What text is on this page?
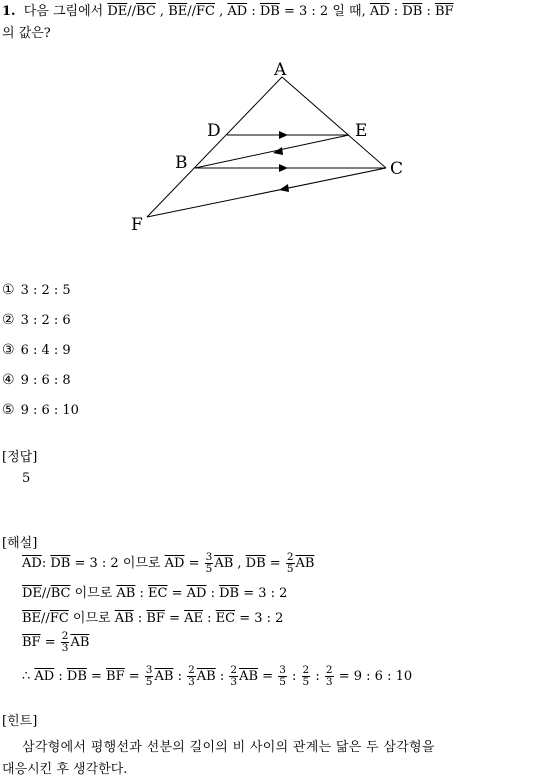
1. 다음 그림에서 $\overline{DE}//\overline{BC}$ , $\overline{BE}//\overline{FC}$ , $\overline{AD}$ : $\overline{DB} = 3$ : 2 일 때, $\overline{AD}$ : $\overline{DB}$ : $\overline{BF}$
의 값은?
A
D	E
B	C
F
① 3 : 2 : 5
② 3 : 2 : 6
③ 6 : 4 : 9
④ 9 : 6 : 8
⑤ 9 : 6 : 10
[정답]
5
[해설]
$\overline{AD}$: $\overline{DB} = 3$ : 2 이므로 $\overline{AD} = \frac{3}{5} \overline{AB}$ , $\overline{DB} = \frac{2}{5} \overline{AB}$
$\overline{DE}//\overline{BC}$ 이므로 $\overline{AB}$ : $\overline{EC} = \overline{AD}$ : $\overline{DB} = 3$ : 2
$\overline{BE}//\overline{FC}$ 이므로 $\overline{AB}$ : $\overline{BF} = \overline{AE}$ : $\overline{EC} = 3$ : 2
$\overline{BF} = \frac{2}{3} \overline{AB}$
∴ $\overline{AD}$ : $\overline{DB} = \overline{BF} = \frac{3}{5} \overline{AB}$ : $\frac{2}{3} \overline{AB}$ : $\frac{2}{3} \overline{AB} = \frac{3}{5}$ : $\frac{2}{5}$ : $\frac{2}{3} = 9$ : 6 : 10
[힌트]
삼각형에서 평행선과 선분의 길이의 비 사이의 관계는 닮은 두 삼각형을
대응시킨 후 생각한다.
